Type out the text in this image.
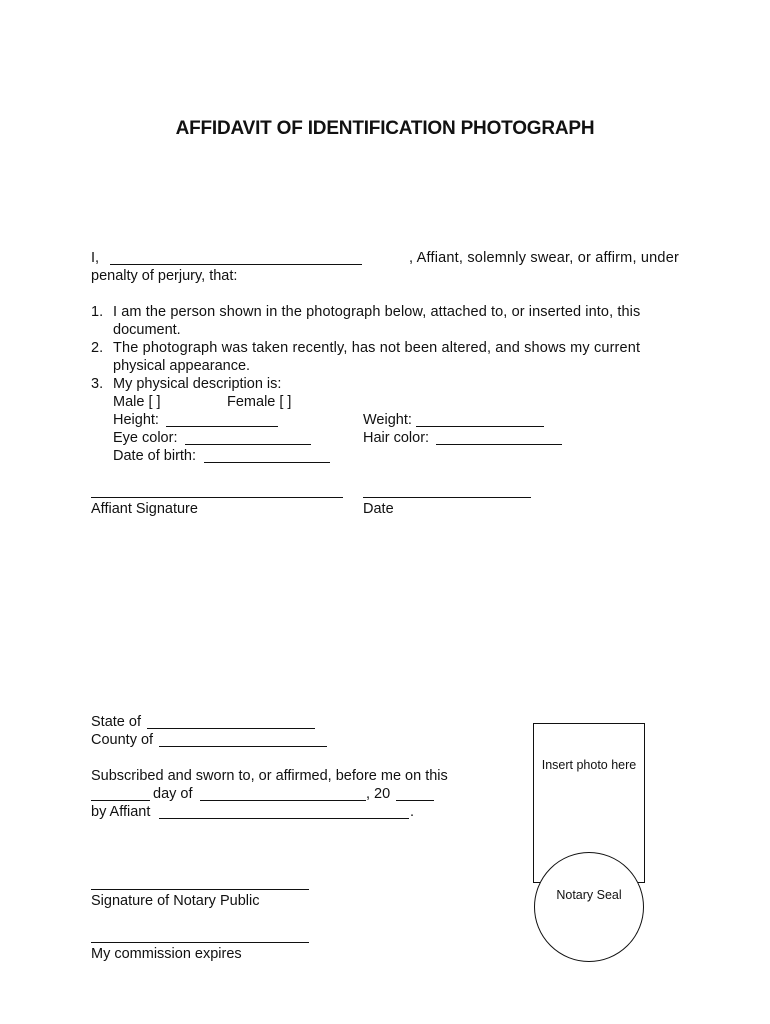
AFFIDAVIT OF IDENTIFICATION PHOTOGRAPH
I,	, Affiant, solemnly swear, or affirm, under
penalty of perjury, that:
1. I am the person shown in the photograph below, attached to, or inserted into, this
document.
2. The photograph was taken recently, has not been altered, and shows my current
physical appearance.
3. My physical description is:
Male [ ]	Female [ ]
Height:	Weight:
Eye color:	Hair color:
Date of birth:
Affiant Signature	Date
State of
County of
Subscribed and sworn to, or affirmed, before me on this
day of	, 20
by Affiant	.
Signature of Notary Public
My commission expires
Insert photo here
Notary Seal
